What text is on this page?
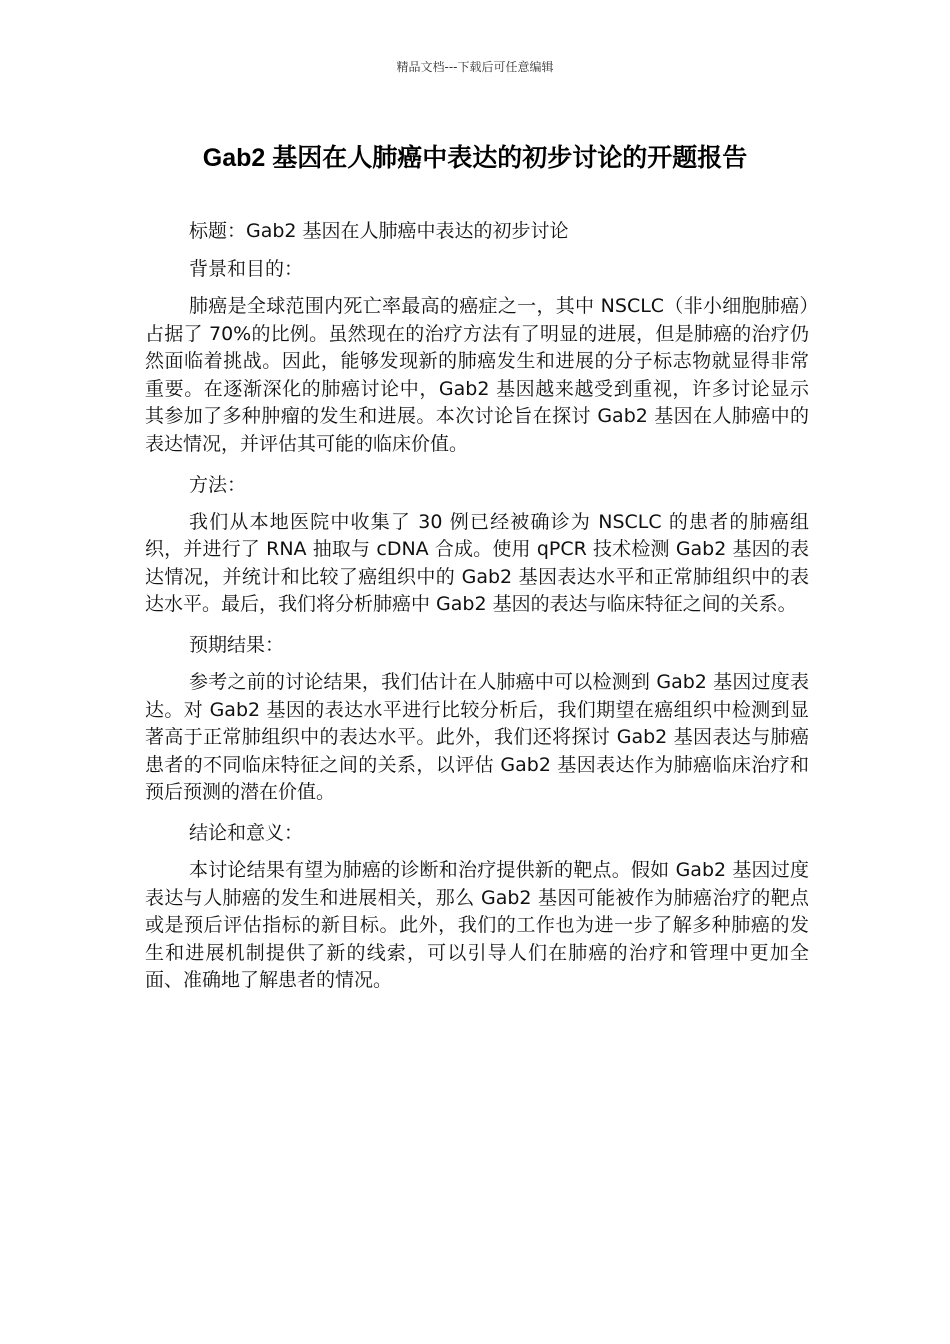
精品文档---下载后可任意编辑
Gab2 基因在人肺癌中表达的初步讨论的开题报告

标题：Gab2 基因在人肺癌中表达的初步讨论

背景和目的：

肺癌是全球范围内死亡率最高的癌症之一，其中 NSCLC（非小细胞肺癌）占据了 70%的比例。虽然现在的治疗方法有了明显的进展，但是肺癌的治疗仍然面临着挑战。因此，能够发现新的肺癌发生和进展的分子标志物就显得非常重要。在逐渐深化的肺癌讨论中，Gab2 基因越来越受到重视，许多讨论显示其参加了多种肿瘤的发生和进展。本次讨论旨在探讨 Gab2 基因在人肺癌中的表达情况，并评估其可能的临床价值。

方法：

我们从本地医院中收集了 30 例已经被确诊为 NSCLC 的患者的肺癌组织，并进行了 RNA 抽取与 cDNA 合成。使用 qPCR 技术检测 Gab2 基因的表达情况，并统计和比较了癌组织中的 Gab2 基因表达水平和正常肺组织中的表达水平。最后，我们将分析肺癌中 Gab2 基因的表达与临床特征之间的关系。

预期结果：

参考之前的讨论结果，我们估计在人肺癌中可以检测到 Gab2 基因过度表达。对 Gab2 基因的表达水平进行比较分析后，我们期望在癌组织中检测到显著高于正常肺组织中的表达水平。此外，我们还将探讨 Gab2 基因表达与肺癌患者的不同临床特征之间的关系，以评估 Gab2 基因表达作为肺癌临床治疗和预后预测的潜在价值。

结论和意义：

本讨论结果有望为肺癌的诊断和治疗提供新的靶点。假如 Gab2 基因过度表达与人肺癌的发生和进展相关，那么 Gab2 基因可能被作为肺癌治疗的靶点或是预后评估指标的新目标。此外，我们的工作也为进一步了解多种肺癌的发生和进展机制提供了新的线索，可以引导人们在肺癌的治疗和管理中更加全面、准确地了解患者的情况。
